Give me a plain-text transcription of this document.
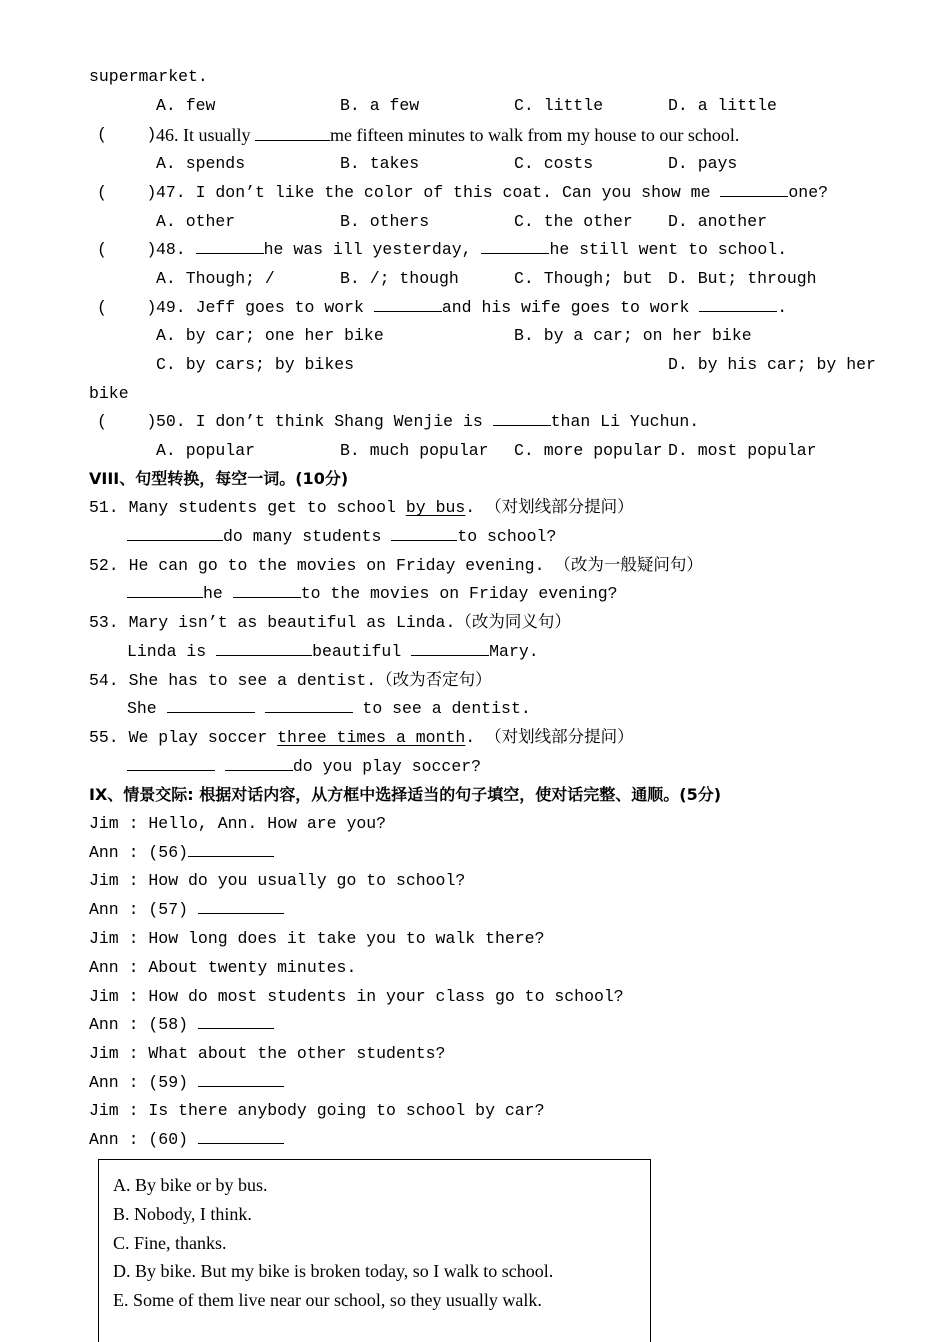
supermarket.
A. few	B. a few	C. little	D. a little
(    ) 46. It usually	me fifteen minutes to walk from my house to our school.
A. spends	B. takes	C. costs	D. pays
(    ) 47. I don’t like the color of this coat. Can you show me	one?
A. other	B. others	C. the other D. another
(    ) 48.	he was ill yesterday,	he still went to school.
A. Though; /	B. /; though	C. Though; but D. But; through
(    ) 49. Jeff goes to work	and his wife goes to work	.
A. by car; one her bike	B. by a car; on her bike
C. by cars; by bikes	D. by his car; by her
bike
(    ) 50. I don’t think Shang Wenjie is	than Li Yuchun.
A. popular	B. much popular C. more popular D. most popular
VIII、句型转换，每空一词。(10分)
51. Many students get to school by bus. （对划线部分提问）
do many students	to school?
52. He can go to the movies on Friday evening. （改为一般疑问句）
he	to the movies on Friday evening?
53. Mary isn’t as beautiful as Linda.（改为同义句）
Linda is	beautiful	Mary.
54. She has to see a dentist.（改为否定句）
She	to see a dentist.
55. We play soccer three times a month. （对划线部分提问）
do you play soccer?
IX、情景交际: 根据对话内容，从方框中选择适当的句子填空，使对话完整、通顺。(5分)
Jim : Hello, Ann. How are you?
Ann : (56)
Jim : How do you usually go to school?
Ann : (57)
Jim : How long does it take you to walk there?
Ann : About twenty minutes.
Jim : How do most students in your class go to school?
Ann : (58)
Jim : What about the other students?
Ann : (59)
Jim : Is there anybody going to school by car?
Ann : (60)
A. By bike or by bus.
B. Nobody, I think.
C. Fine, thanks.
D. By bike. But my bike is broken today, so I walk to school.
E. Some of them live near our school, so they usually walk.
